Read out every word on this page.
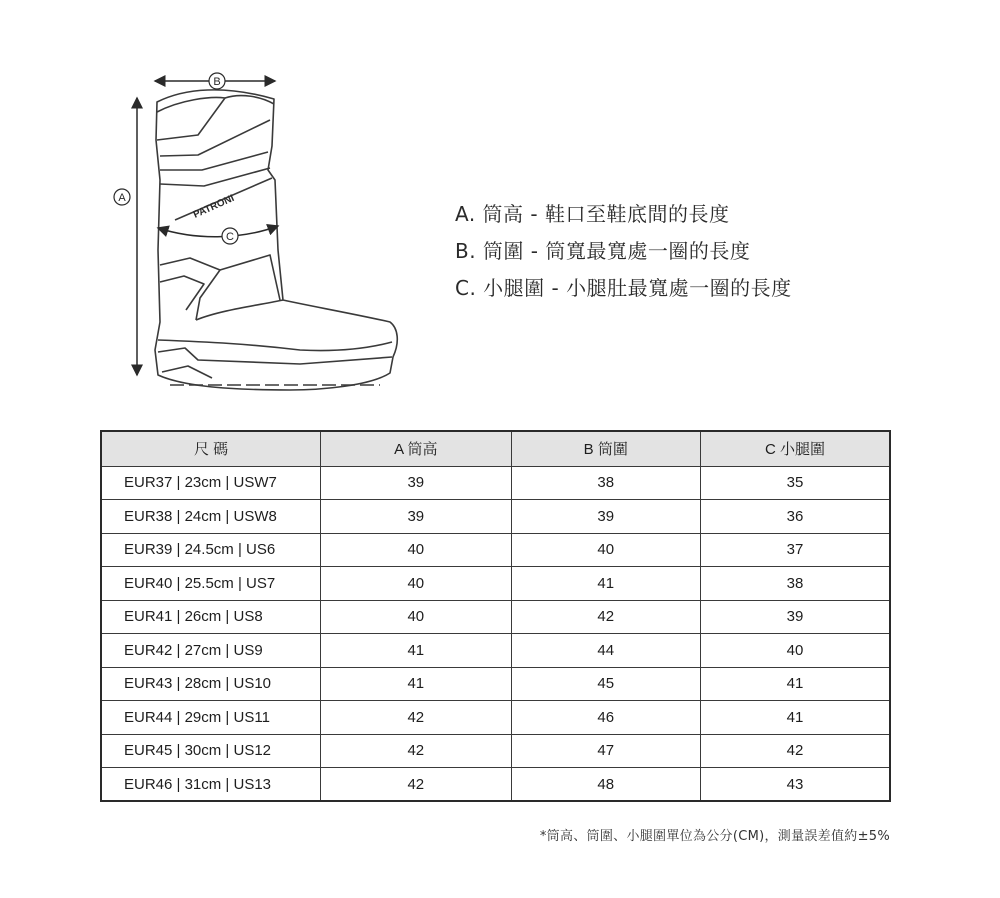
PATRONI
A
B
C
A. 筒高 - 鞋口至鞋底間的長度
B. 筒圍 - 筒寬最寬處一圈的長度
C. 小腿圍 - 小腿肚最寬處一圈的長度
尺 碼	A 筒高	B 筒圍	C 小腿圍
EUR37 | 23cm | USW7	39	38	35
EUR38 | 24cm | USW8	39	39	36
EUR39 | 24.5cm | US6	40	40	37
EUR40 | 25.5cm | US7	40	41	38
EUR41 | 26cm | US8	40	42	39
EUR42 | 27cm | US9	41	44	40
EUR43 | 28cm | US10	41	45	41
EUR44 | 29cm | US11	42	46	41
EUR45 | 30cm | US12	42	47	42
EUR46 | 31cm | US13	42	48	43
*筒高、筒圍、小腿圍單位為公分(CM)，測量誤差值約±5%
